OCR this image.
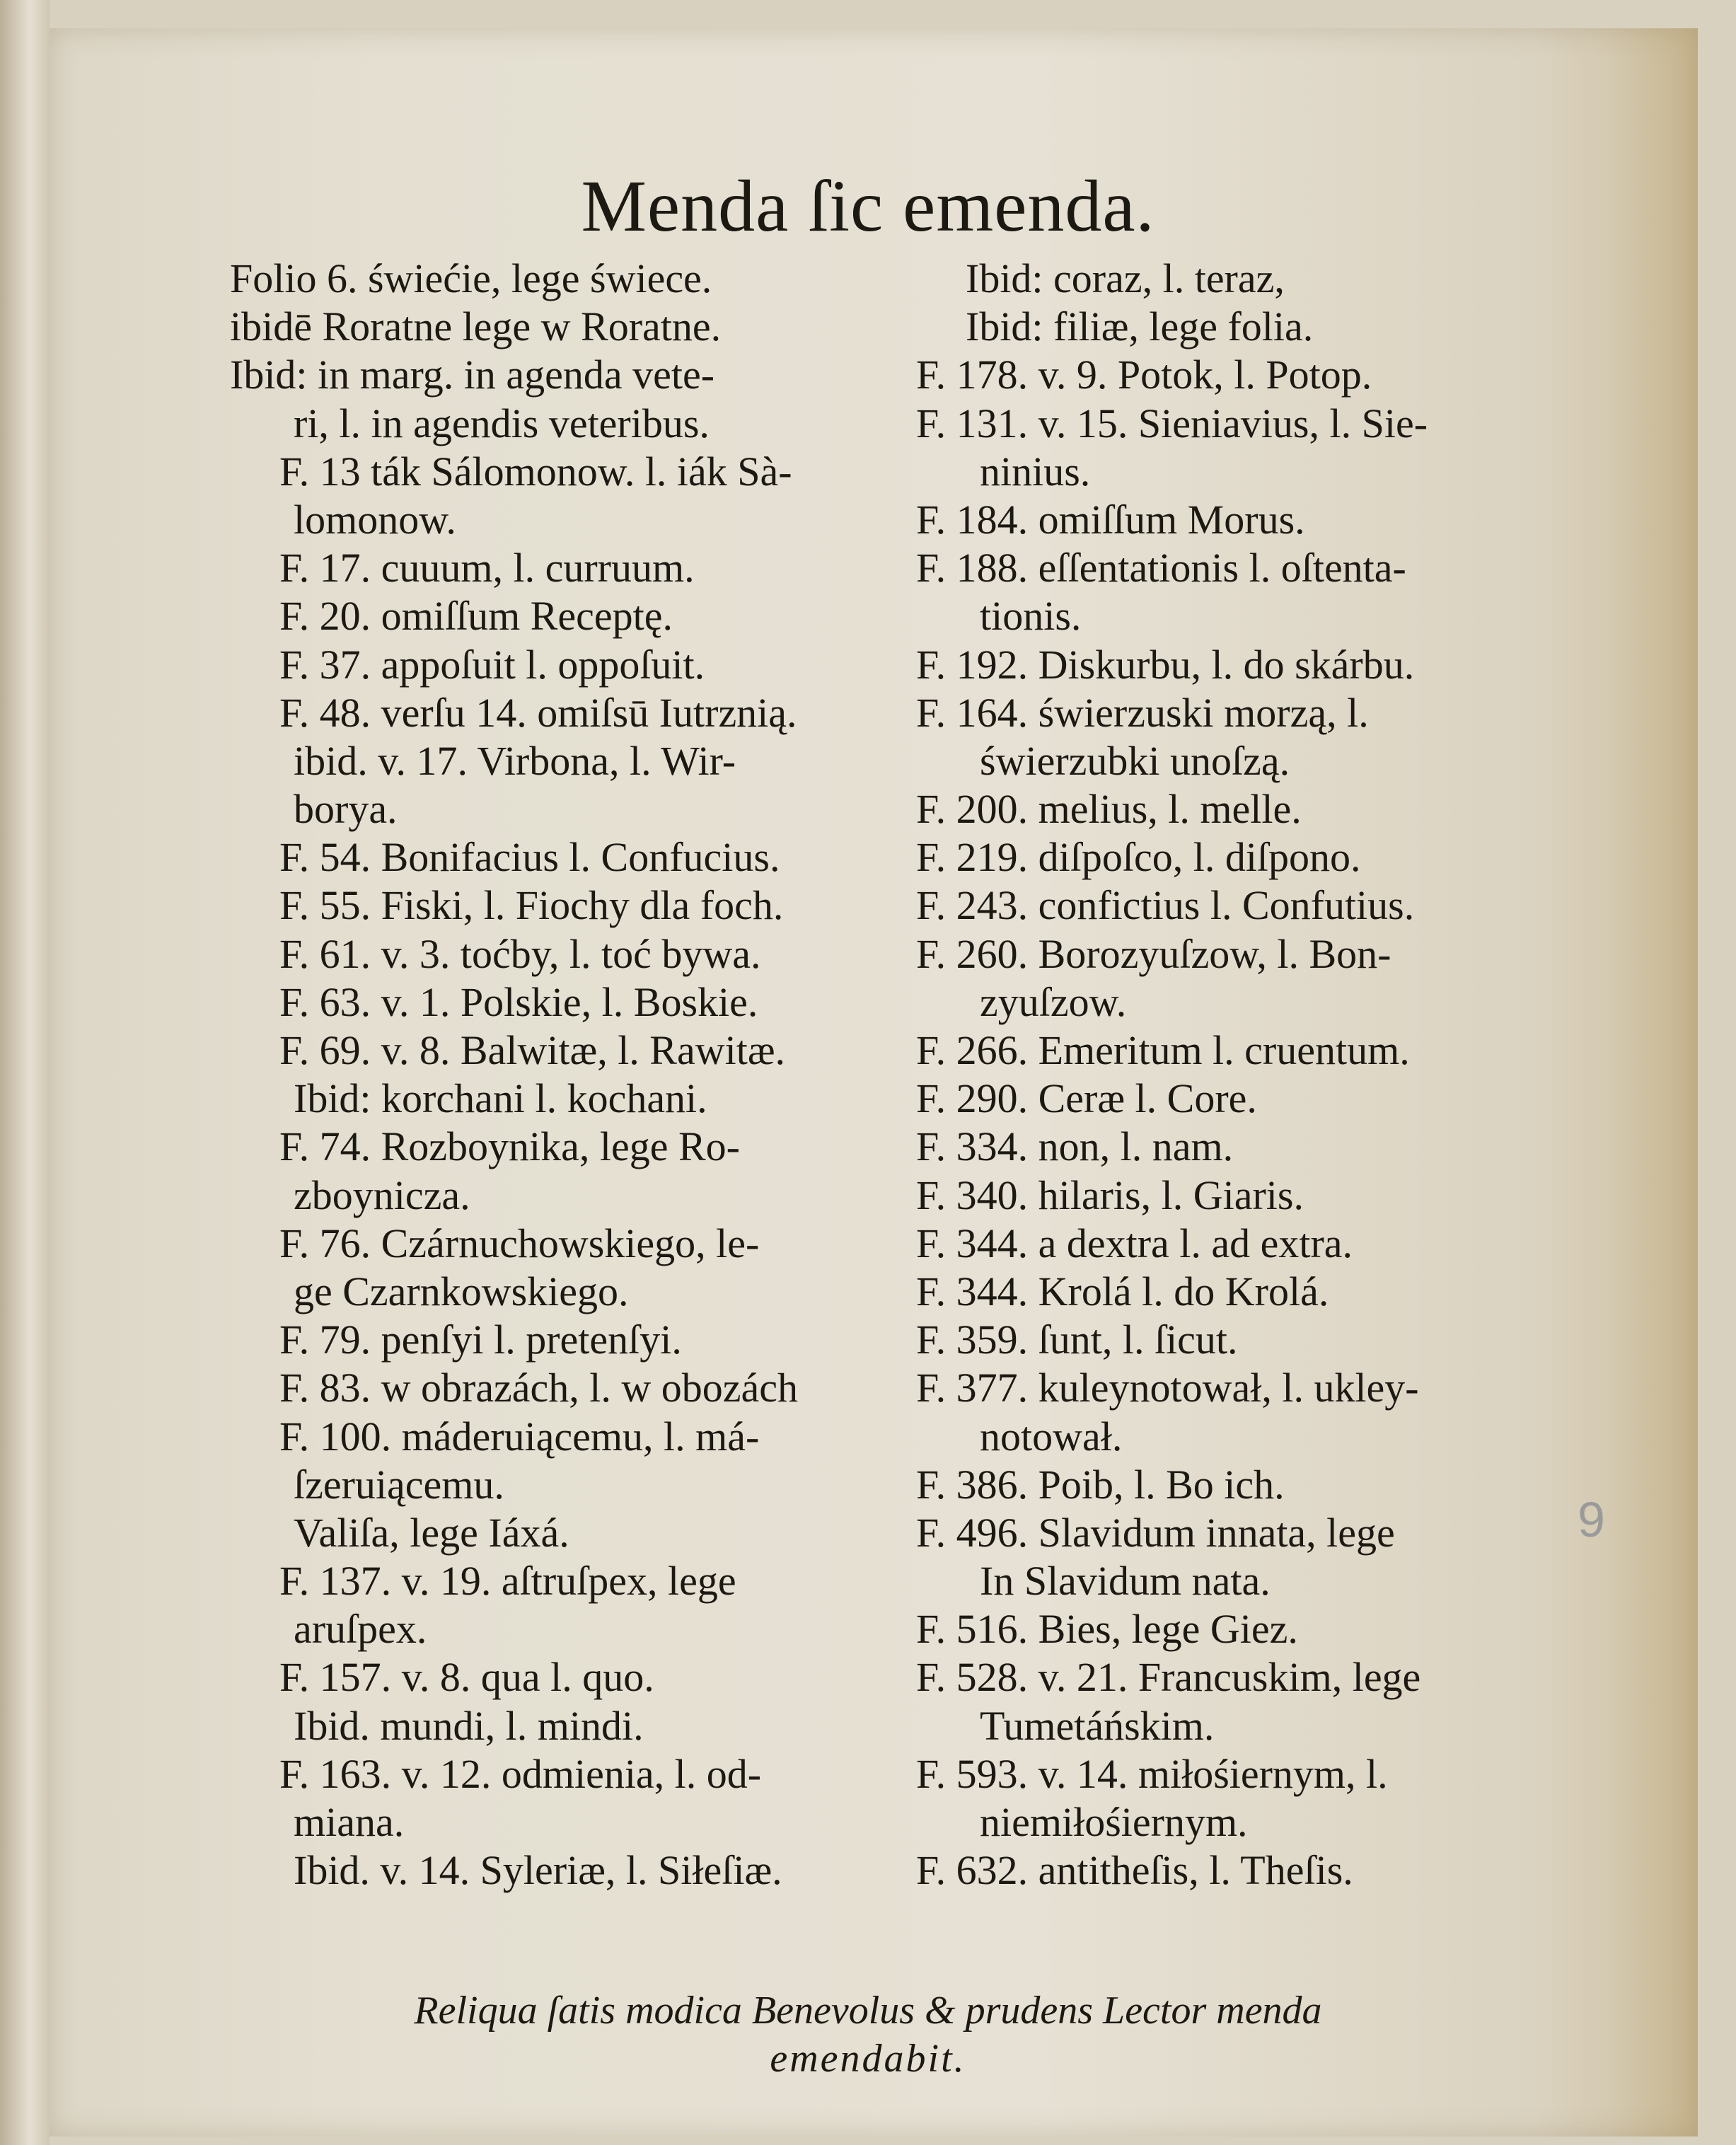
Menda ſic emenda.
Folio 6. świećie, lege świece.
ibidē Roratne lege w Roratne.
Ibid: in marg. in agenda vete-
ri, l. in agendis veteribus.
F. 13 ták Sálomonow. l. iák Sà-
lomonow.
F. 17. cuuum, l. curruum.
F. 20. omiſſum Receptę.
F. 37. appoſuit l. oppoſuit.
F. 48. verſu 14. omiſsū Iutrznią.
ibid. v. 17. Virbona, l. Wir-
borya.
F. 54. Bonifacius l. Confucius.
F. 55. Fiski, l. Fiochy dla foch.
F. 61. v. 3. toćby, l. toć bywa.
F. 63. v. 1. Polskie, l. Boskie.
F. 69. v. 8. Balwitæ, l. Rawitæ.
Ibid: korchani l. kochani.
F. 74. Rozboynika, lege Ro-
zboynicza.
F. 76. Czárnuchowskiego, le-
ge Czarnkowskiego.
F. 79. penſyi l. pretenſyi.
F. 83. w obrazách, l. w obozách
F. 100. máderuiącemu, l. má-
ſzeruiącemu.
Valiſa, lege Iáxá.
F. 137. v. 19. aſtruſpex, lege
aruſpex.
F. 157. v. 8. qua l. quo.
Ibid. mundi, l. mindi.
F. 163. v. 12. odmienia, l. od-
miana.
Ibid. v. 14. Syleriæ, l. Siłeſiæ.
Ibid: coraz, l. teraz,
Ibid: filiæ, lege folia.
F. 178. v. 9. Potok, l. Potop.
F. 131. v. 15. Sieniavius, l. Sie-
ninius.
F. 184. omiſſum Morus.
F. 188. eſſentationis l. oſtenta-
tionis.
F. 192. Diskurbu, l. do skárbu.
F. 164. świerzuski morzą, l.
świerzubki unoſzą.
F. 200. melius, l. melle.
F. 219. diſpoſco, l. diſpono.
F. 243. confictius l. Confutius.
F. 260. Borozyuſzow, l. Bon-
zyuſzow.
F. 266. Emeritum l. cruentum.
F. 290. Ceræ l. Core.
F. 334. non, l. nam.
F. 340. hilaris, l. Giaris.
F. 344. a dextra l. ad extra.
F. 344. Krolá l. do Krolá.
F. 359. ſunt, l. ſicut.
F. 377. kuleynotował, l. ukley-
notował.
F. 386. Poib, l. Bo ich.
F. 496. Slavidum innata, lege
In Slavidum nata.
F. 516. Bies, lege Giez.
F. 528. v. 21. Francuskim, lege
Tumetáńskim.
F. 593. v. 14. miłośiernym, l.
niemiłośiernym.
F. 632. antitheſis, l. Theſis.
Reliqua ſatis modica Benevolus & prudens Lector menda
emendabit.
9
